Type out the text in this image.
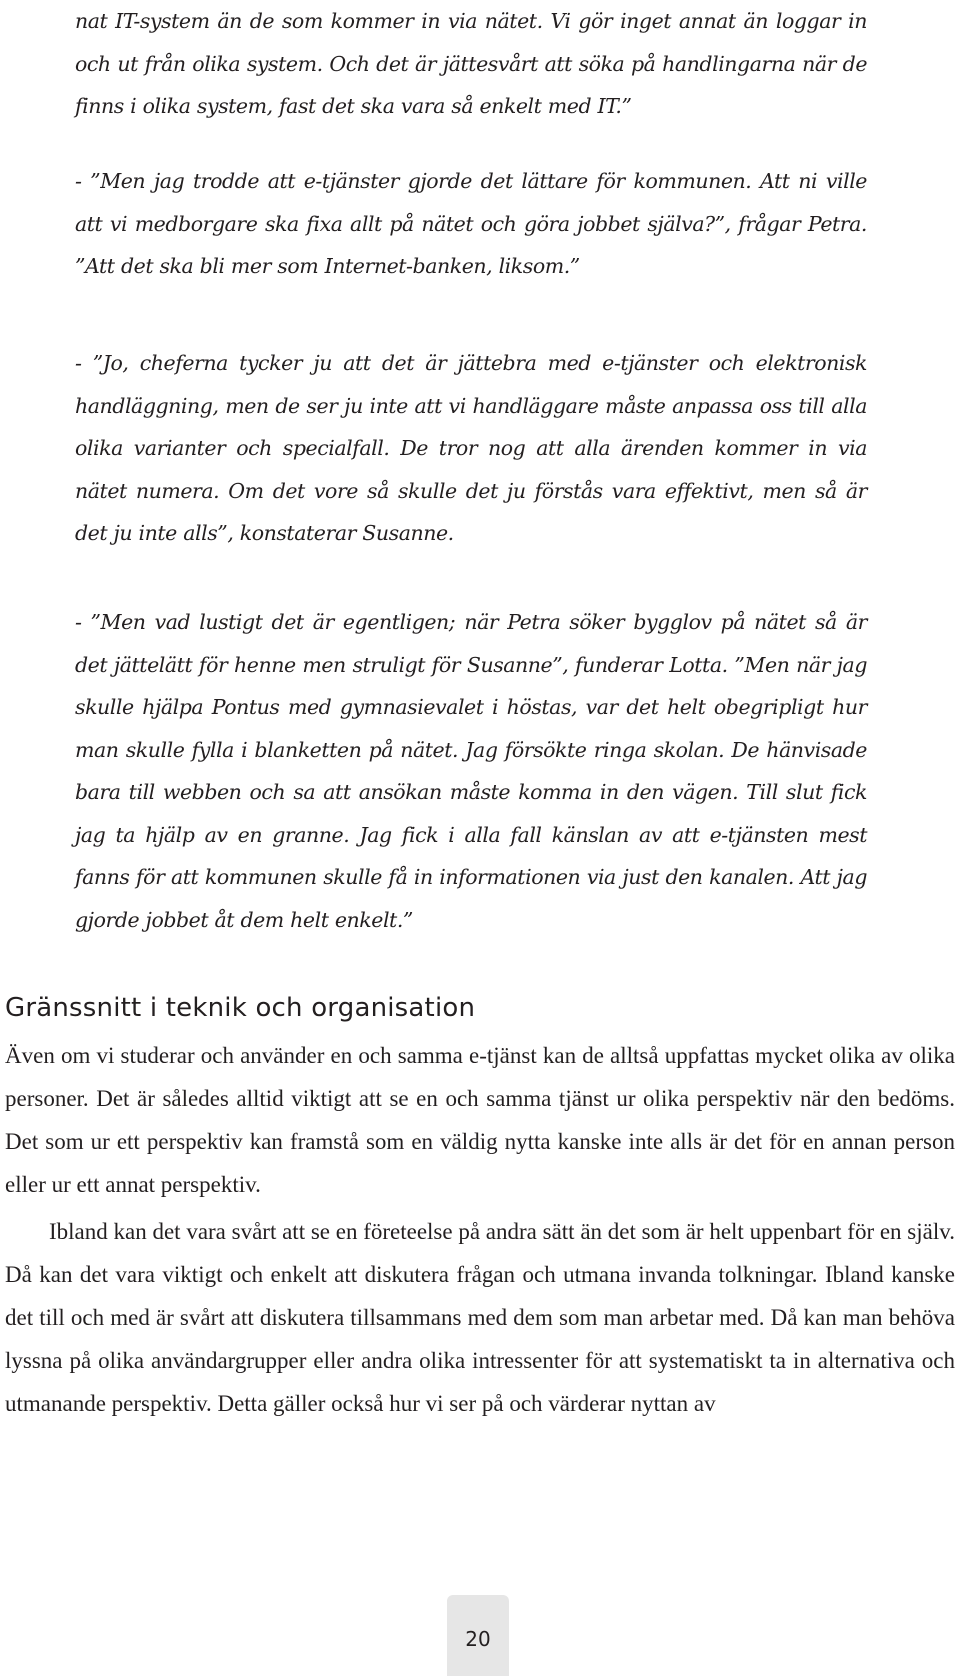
nat IT-system än de som kommer in via nätet. Vi gör inget annat än loggar in och ut från olika system. Och det är jättesvårt att söka på handlingarna när de finns i olika system, fast det ska vara så enkelt med IT.”

- ”Men jag trodde att e-tjänster gjorde det lättare för kommunen. Att ni ville att vi medborgare ska fixa allt på nätet och göra jobbet själva?”, frågar Petra. ”Att det ska bli mer som Internet-banken, liksom.”

- ”Jo, cheferna tycker ju att det är jättebra med e-tjänster och elektronisk handläggning, men de ser ju inte att vi handläggare måste anpassa oss till alla olika varianter och specialfall. De tror nog att alla ärenden kommer in via nätet numera. Om det vore så skulle det ju förstås vara effektivt, men så är det ju inte alls”, konstaterar Susanne.

- ”Men vad lustigt det är egentligen; när Petra söker bygglov på nätet så är det jättelätt för henne men struligt för Susanne”, funderar Lotta. ”Men när jag skulle hjälpa Pontus med gymnasievalet i höstas, var det helt obegripligt hur man skulle fylla i blanketten på nätet. Jag försökte ringa skolan. De hänvisade bara till webben och sa att ansökan måste komma in den vägen. Till slut fick jag ta hjälp av en granne. Jag fick i alla fall känslan av att e-tjänsten mest fanns för att kommunen skulle få in informationen via just den kanalen. Att jag gjorde jobbet åt dem helt enkelt.”

Gränssnitt i teknik och organisation

Även om vi studerar och använder en och samma e-tjänst kan de alltså uppfattas mycket olika av olika personer. Det är således alltid viktigt att se en och samma tjänst ur olika perspektiv när den bedöms. Det som ur ett perspektiv kan framstå som en väldig nytta kanske inte alls är det för en annan person eller ur ett annat perspektiv.

Ibland kan det vara svårt att se en företeelse på andra sätt än det som är helt uppenbart för en själv. Då kan det vara viktigt och enkelt att diskutera frågan och utmana invanda tolkningar. Ibland kanske det till och med är svårt att diskutera tillsammans med dem som man arbetar med. Då kan man behöva lyssna på olika användargrupper eller andra olika intressenter för att systematiskt ta in alternativa och utmanande perspektiv. Detta gäller också hur vi ser på och värderar nyttan av

20
